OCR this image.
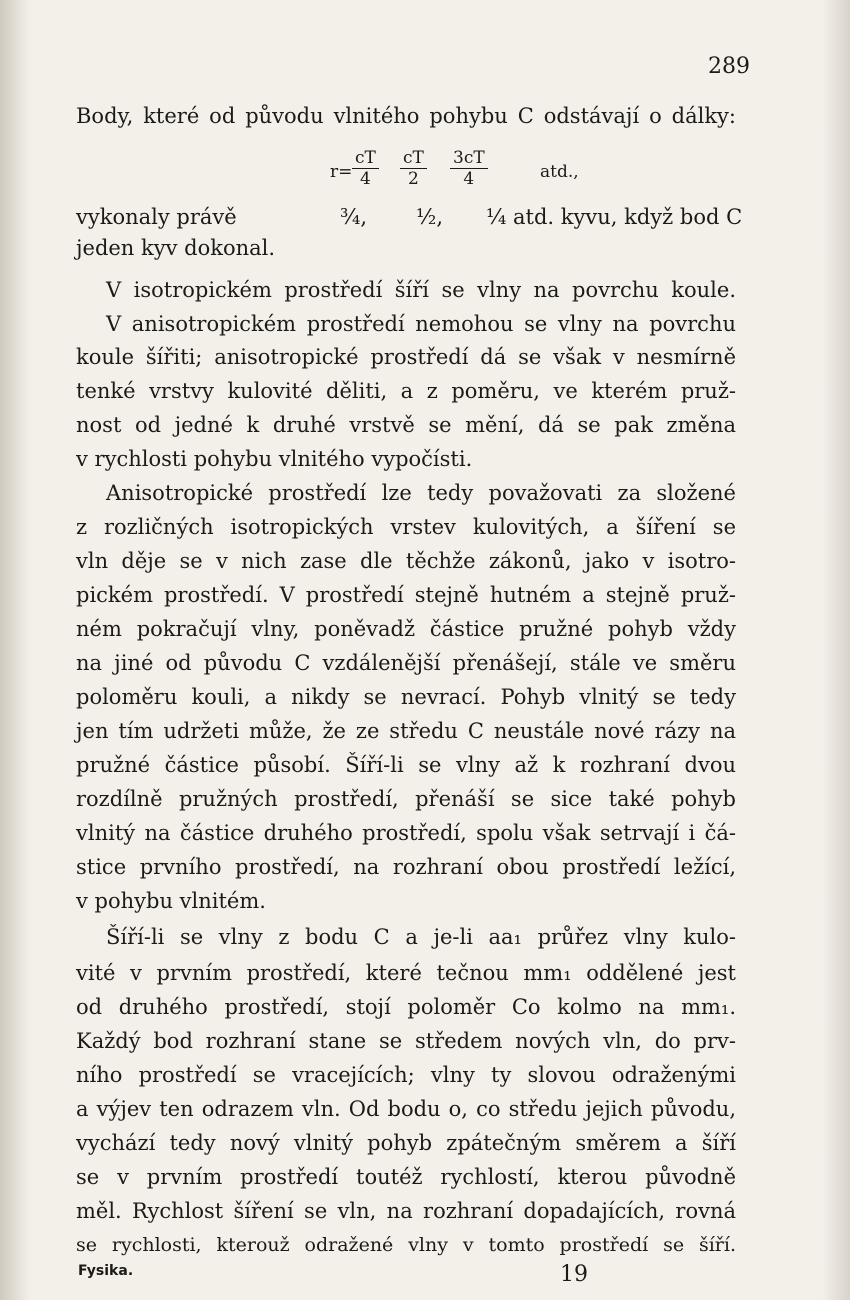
289
Body, které od původu vlnitého pohybu C odstávají o dálky:
$r= \frac{cT}{4} \frac{cT}{2} \frac{3cT}{4}$	atd.,
vykonaly právě	¾, ½, ¼ atd. kyvu, když bod C
jeden kyv dokonal.
V isotropickém prostředí šíří se vlny na povrchu koule.
V anisotropickém prostředí nemohou se vlny na povrchu
koule šířiti; anisotropické prostředí dá se však v nesmírně
tenké vrstvy kulovité děliti, a z poměru, ve kterém pruž-
nost od jedné k druhé vrstvě se mění, dá se pak změna
v rychlosti pohybu vlnitého vypočísti.
Anisotropické prostředí lze tedy považovati za složené
z rozličných isotropických vrstev kulovitých, a šíření se
vln děje se v nich zase dle těchže zákonů, jako v isotro-
pickém prostředí. V prostředí stejně hutném a stejně pruž-
ném pokračují vlny, poněvadž částice pružné pohyb vždy
na jiné od původu C vzdálenější přenášejí, stále ve směru
poloměru kouli, a nikdy se nevrací. Pohyb vlnitý se tedy
jen tím udržeti může, že ze středu C neustále nové rázy na
pružné částice působí. Šíří-li se vlny až k rozhraní dvou
rozdílně pružných prostředí, přenáší se sice také pohyb
vlnitý na částice druhého prostředí, spolu však setrvají i čá-
stice prvního prostředí, na rozhraní obou prostředí ležící,
v pohybu vlnitém.
Šíří-li se vlny z bodu C a je-li aa₁ průřez vlny kulo-
vité v prvním prostředí, které tečnou mm₁ oddělené jest
od druhého prostředí, stojí poloměr Co kolmo na mm₁.
Každý bod rozhraní stane se středem nových vln, do prv-
ního prostředí se vracejících; vlny ty slovou odraženými
a výjev ten odrazem vln. Od bodu o, co středu jejich původu,
vychází tedy nový vlnitý pohyb zpátečným směrem a šíří
se v prvním prostředí toutéž rychlostí, kterou původně
měl. Rychlost šíření se vln, na rozhraní dopadajících, rovná
se rychlosti, kterouž odražené vlny v tomto prostředí se šíří.
19
Fysika.
